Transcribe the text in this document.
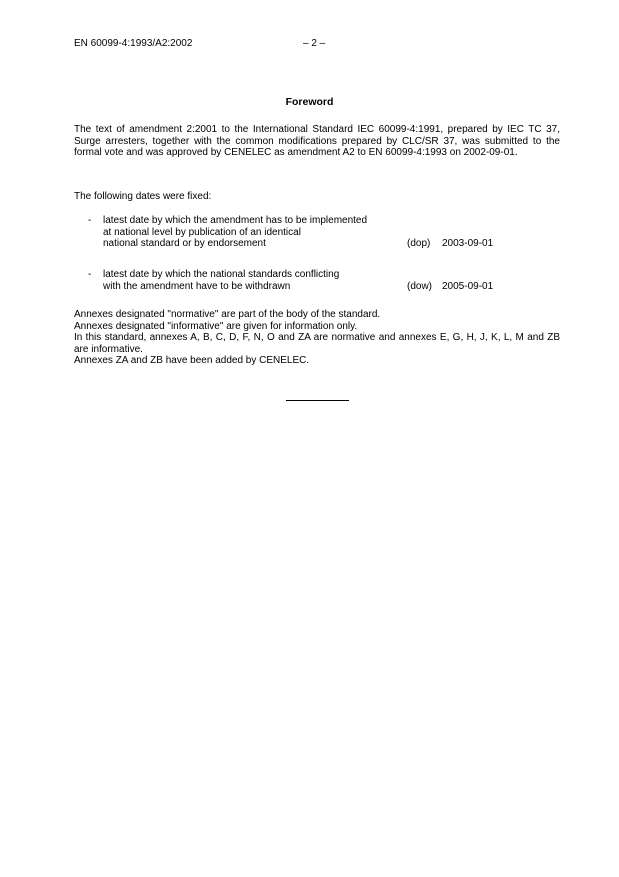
EN 60099-4:1993/A2:2002	– 2 –
Foreword
The text of amendment 2:2001 to the International Standard IEC 60099-4:1991, prepared by IEC TC 37, Surge arresters, together with the common modifications prepared by CLC/SR 37, was submitted to the formal vote and was approved by CENELEC as amendment A2 to EN 60099-4:1993 on 2002-09-01.
The following dates were fixed:
- latest date by which the amendment has to be implemented
at national level by publication of an identical
national standard or by endorsement	(dop)	2003-09-01
- latest date by which the national standards conflicting
with the amendment have to be withdrawn	(dow) 2005-09-01
Annexes designated "normative" are part of the body of the standard.
Annexes designated "informative" are given for information only.
In this standard, annexes A, B, C, D, F, N, O and ZA are normative and annexes E, G, H, J, K, L, M and ZB are informative.
Annexes ZA and ZB have been added by CENELEC.
